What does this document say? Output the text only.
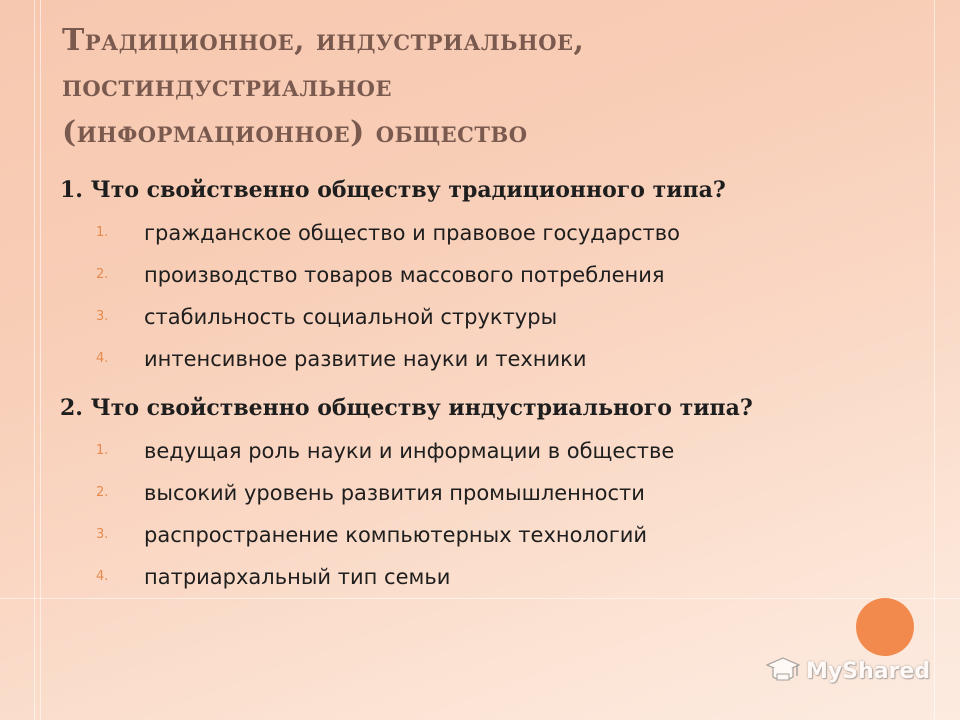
Традиционное, индустриальное,
постиндустриальное
(информационное) общество

1. Что свойственно обществу традиционного типа?

1. гражданское общество и правовое государство
2. производство товаров массового потребления
3. стабильность социальной структуры
4. интенсивное развитие науки и техники

2. Что свойственно обществу индустриального типа?

1. ведущая роль науки и информации в обществе
2. высокий уровень развития промышленности
3. распространение компьютерных технологий
4. патриархальный тип семьи
MyShared
